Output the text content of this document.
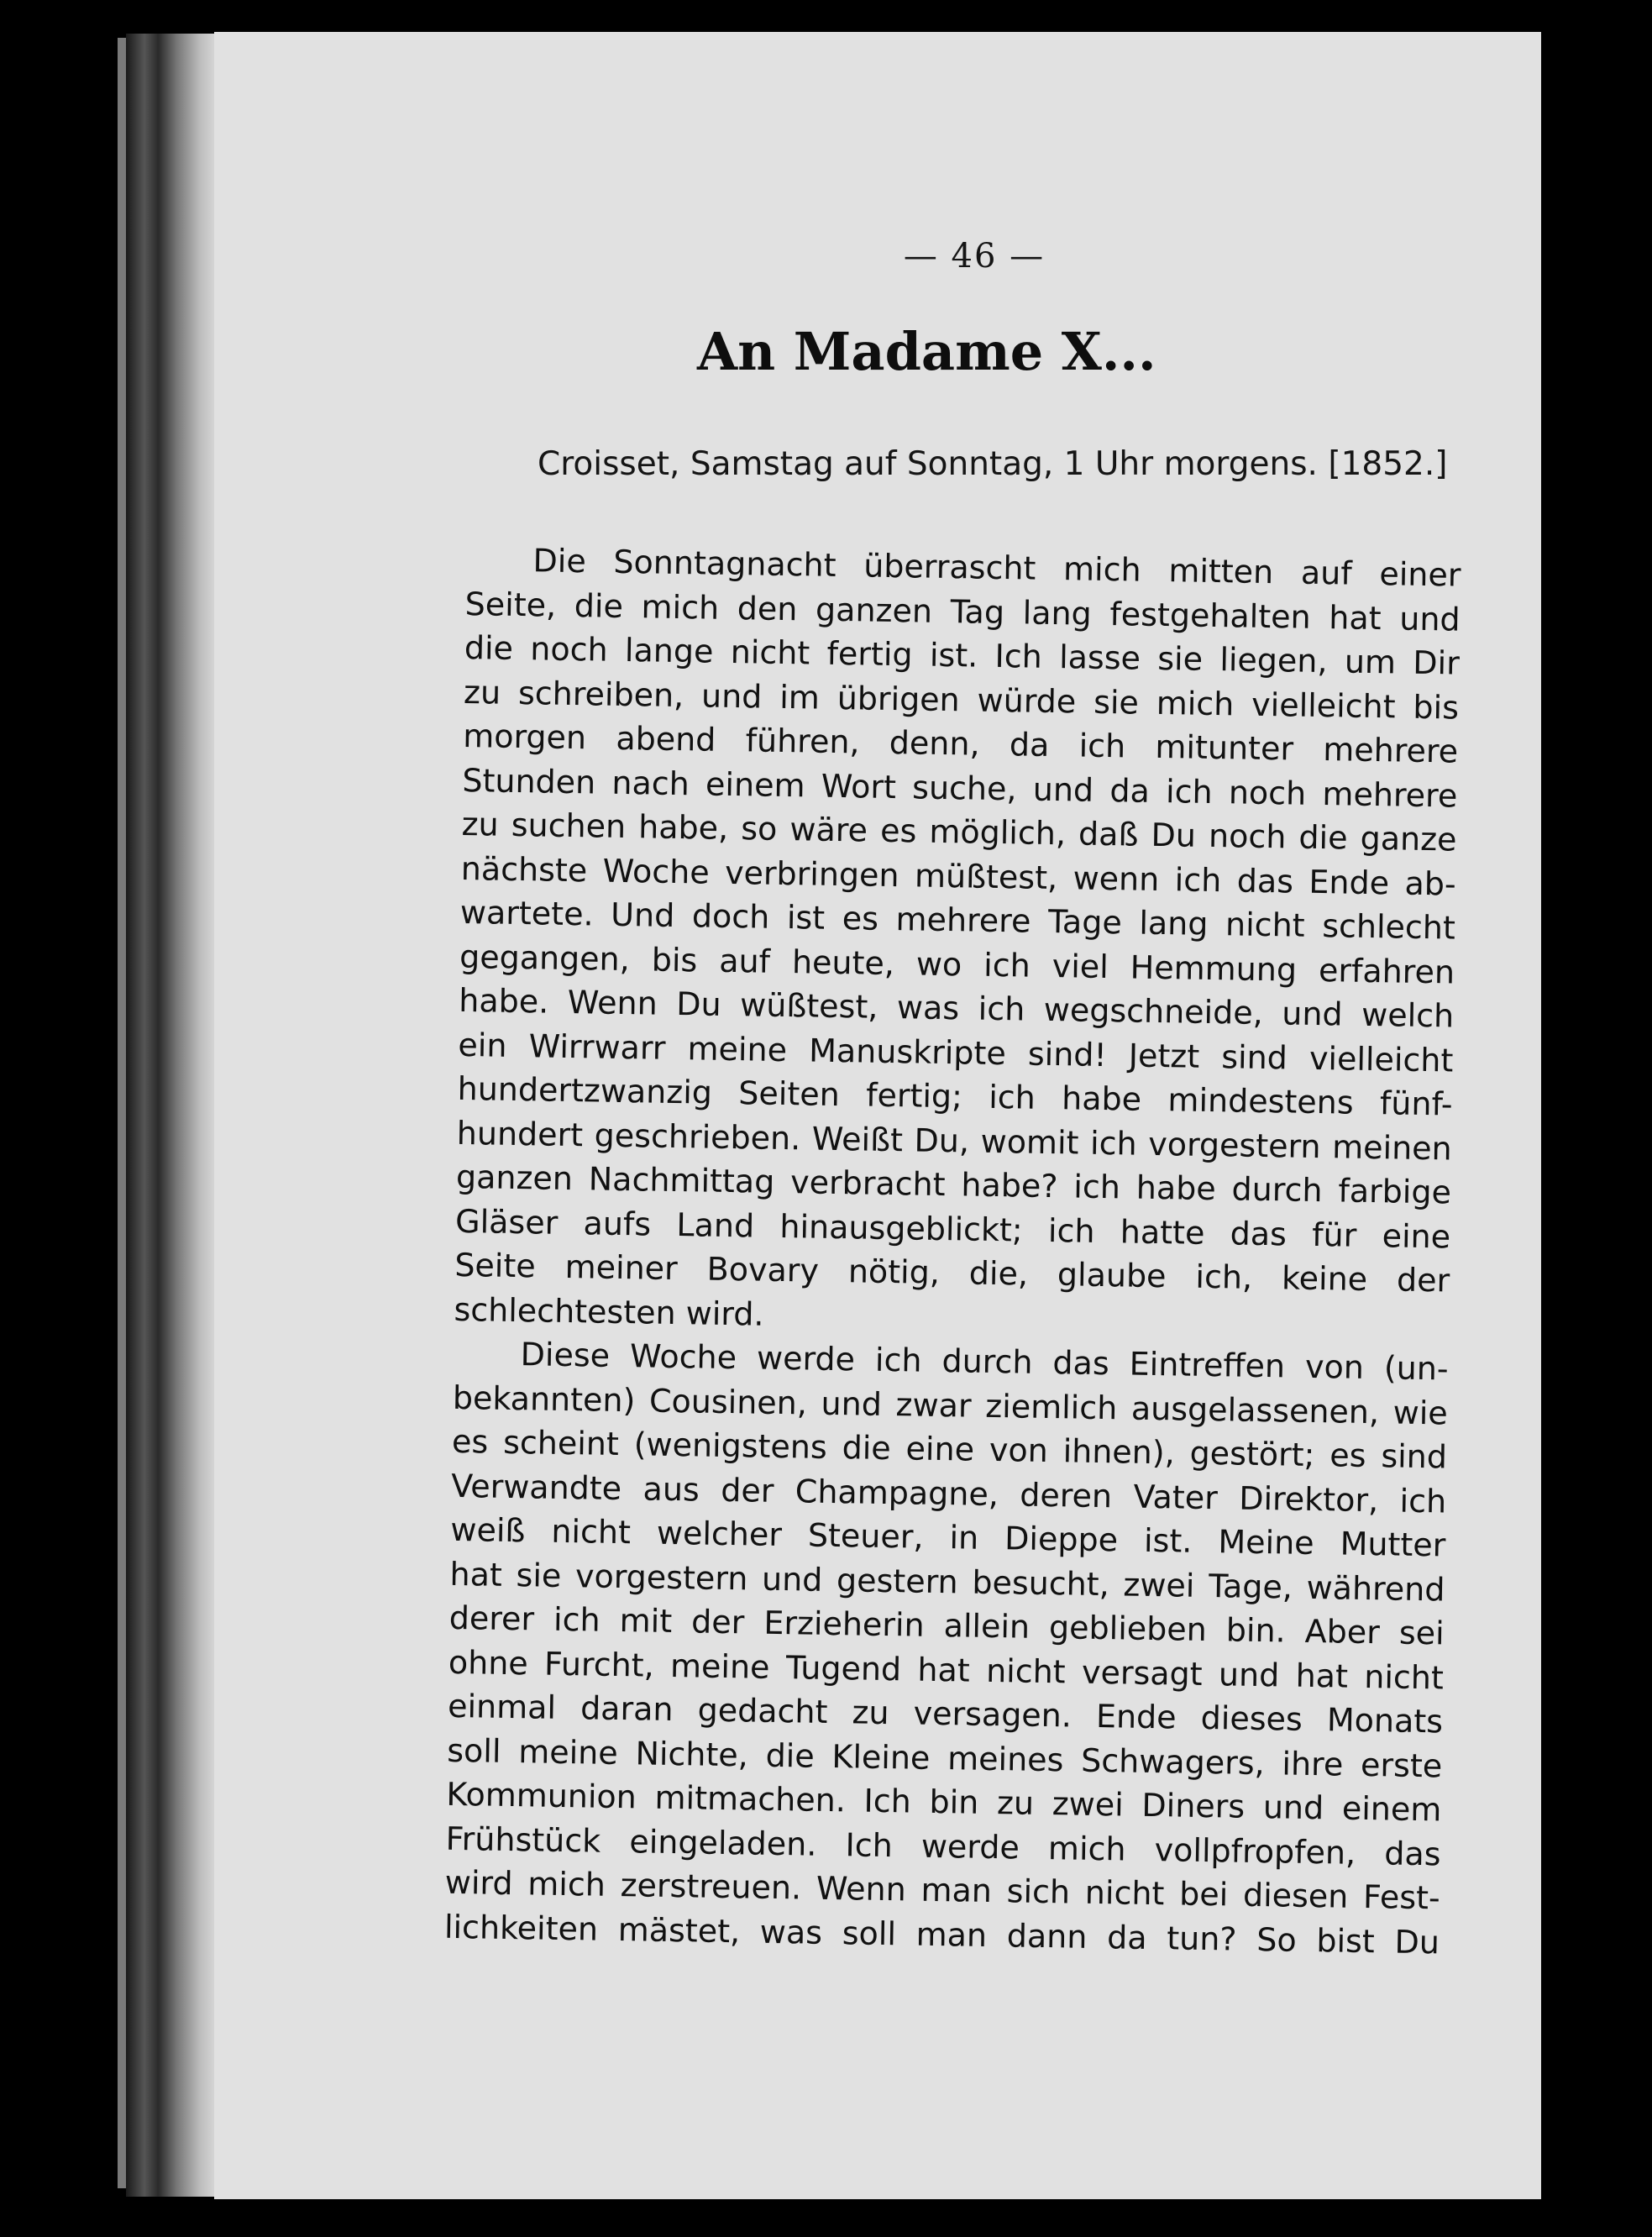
— 46 —
An Madame X...
Croisset, Samstag auf Sonntag, 1 Uhr morgens. [1852.]

Die Sonntagnacht überrascht mich mitten auf einer
Seite, die mich den ganzen Tag lang festgehalten hat und
die noch lange nicht fertig ist. Ich lasse sie liegen, um Dir
zu schreiben, und im übrigen würde sie mich vielleicht bis
morgen abend führen, denn, da ich mitunter mehrere
Stunden nach einem Wort suche, und da ich noch mehrere
zu suchen habe, so wäre es möglich, daß Du noch die ganze
nächste Woche verbringen müßtest, wenn ich das Ende ab-
wartete. Und doch ist es mehrere Tage lang nicht schlecht
gegangen, bis auf heute, wo ich viel Hemmung erfahren
habe. Wenn Du wüßtest, was ich wegschneide, und welch
ein Wirrwarr meine Manuskripte sind! Jetzt sind vielleicht
hundertzwanzig Seiten fertig; ich habe mindestens fünf-
hundert geschrieben. Weißt Du, womit ich vorgestern meinen
ganzen Nachmittag verbracht habe? ich habe durch farbige
Gläser aufs Land hinausgeblickt; ich hatte das für eine
Seite meiner Bovary nötig, die, glaube ich, keine der
schlechtesten wird.

Diese Woche werde ich durch das Eintreffen von (un-
bekannten) Cousinen, und zwar ziemlich ausgelassenen, wie
es scheint (wenigstens die eine von ihnen), gestört; es sind
Verwandte aus der Champagne, deren Vater Direktor, ich
weiß nicht welcher Steuer, in Dieppe ist. Meine Mutter
hat sie vorgestern und gestern besucht, zwei Tage, während
derer ich mit der Erzieherin allein geblieben bin. Aber sei
ohne Furcht, meine Tugend hat nicht versagt und hat nicht
einmal daran gedacht zu versagen. Ende dieses Monats
soll meine Nichte, die Kleine meines Schwagers, ihre erste
Kommunion mitmachen. Ich bin zu zwei Diners und einem
Frühstück eingeladen. Ich werde mich vollpfropfen, das
wird mich zerstreuen. Wenn man sich nicht bei diesen Fest-
lichkeiten mästet, was soll man dann da tun? So bist Du
